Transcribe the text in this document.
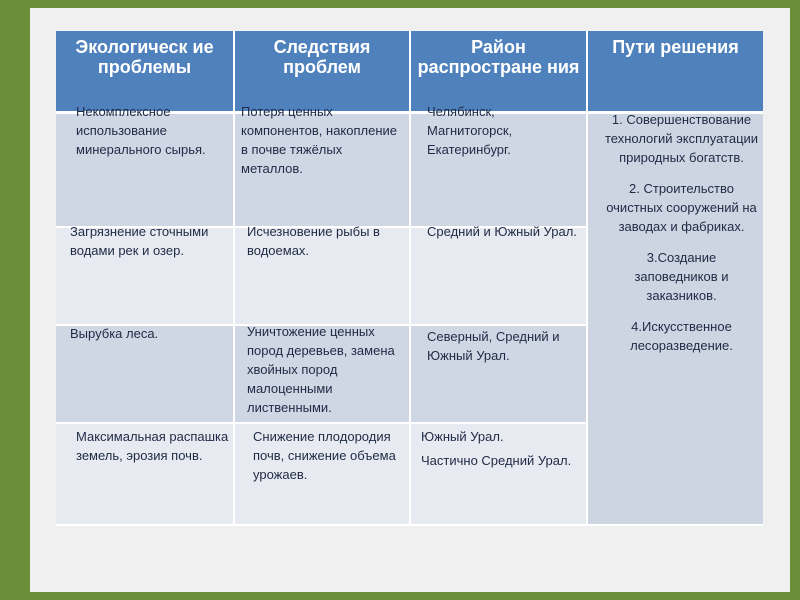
Экологическ ие проблемы	Следствия проблем	Район распростране ния	Пути решения

Некомплексное использование минерального сырья.	Потеря ценных компонентов, накопление в почве тяжёлых металлов.	Челябинск, Магнитогорск, Екатеринбург.	1. Совершенствование технологий эксплуатации природных богатств.
2. Строительство очистных сооружений на заводах и фабриках.
3.Создание заповедников и заказников.
4.Искусственное лесоразведение.

Загрязнение сточными водами рек и озер.	Исчезновение рыбы в водоемах.	Средний и Южный Урал.	

Вырубка леса.	Уничтожение ценных пород деревьев, замена хвойных пород малоценными лиственными.	Северный, Средний и Южный Урал.	

Максимальная распашка земель, эрозия почв.	Снижение плодородия почв, снижение объема урожаев.	Южный Урал.
Частично Средний Урал.	
